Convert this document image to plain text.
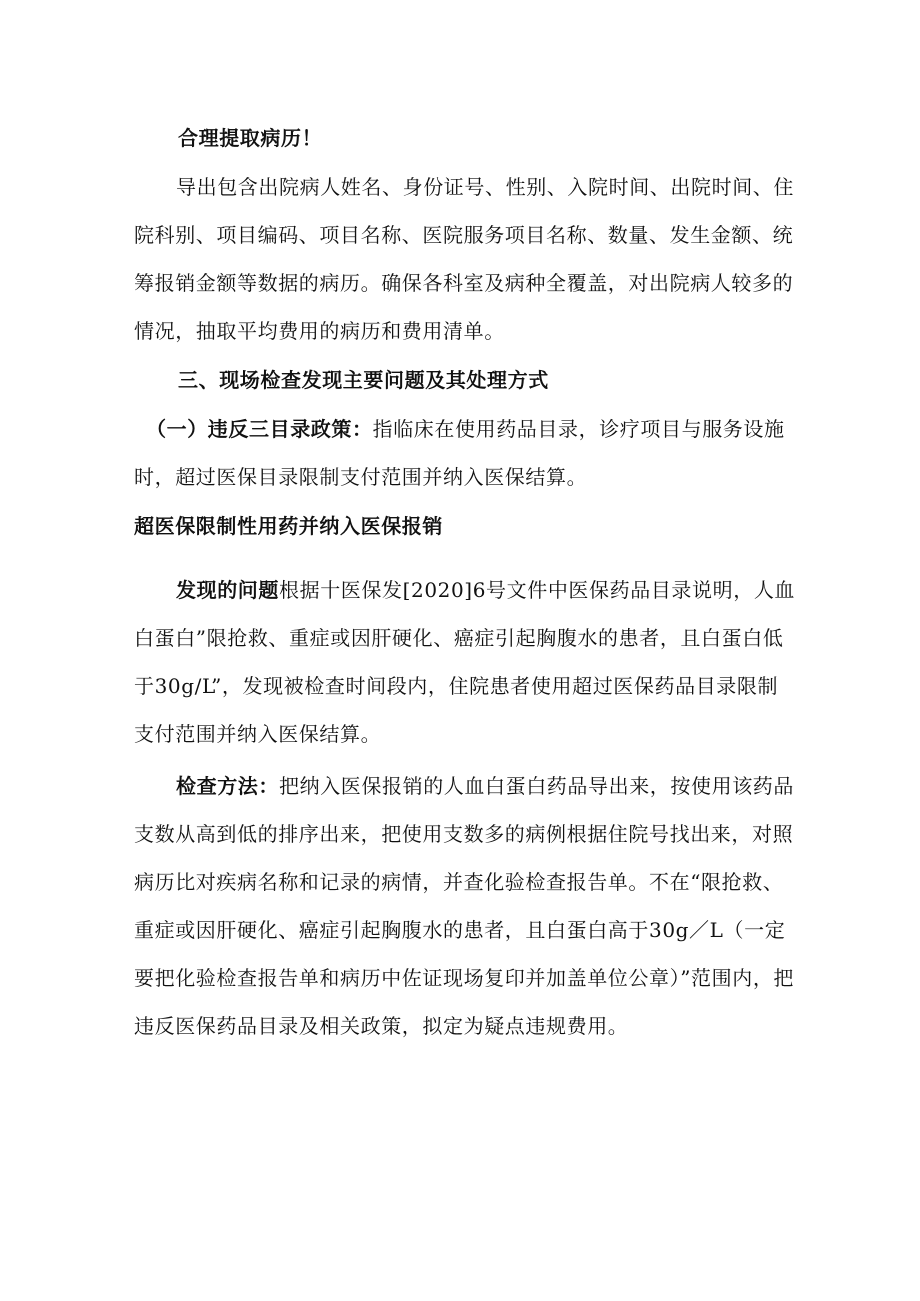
合理提取病历！

导出包含出院病人姓名、身份证号、性别、入院时间、出院时间、住院科别、项目编码、项目名称、医院服务项目名称、数量、发生金额、统筹报销金额等数据的病历。确保各科室及病种全覆盖，对出院病人较多的情况，抽取平均费用的病历和费用清单。

三、现场检查发现主要问题及其处理方式

（一）违反三目录政策：指临床在使用药品目录，诊疗项目与服务设施时，超过医保目录限制支付范围并纳入医保结算。

超医保限制性用药并纳入医保报销

发现的问题根据十医保发[2020]6号文件中医保药品目录说明，人血白蛋白”限抢救、重症或因肝硬化、癌症引起胸腹水的患者，且白蛋白低于30g/L”，发现被检查时间段内，住院患者使用超过医保药品目录限制支付范围并纳入医保结算。

检查方法：把纳入医保报销的人血白蛋白药品导出来，按使用该药品支数从高到低的排序出来，把使用支数多的病例根据住院号找出来，对照病历比对疾病名称和记录的病情，并查化验检查报告单。不在“限抢救、重症或因肝硬化、癌症引起胸腹水的患者，且白蛋白高于30g／L（一定要把化验检查报告单和病历中佐证现场复印并加盖单位公章）”范围内，把违反医保药品目录及相关政策，拟定为疑点违规费用。
